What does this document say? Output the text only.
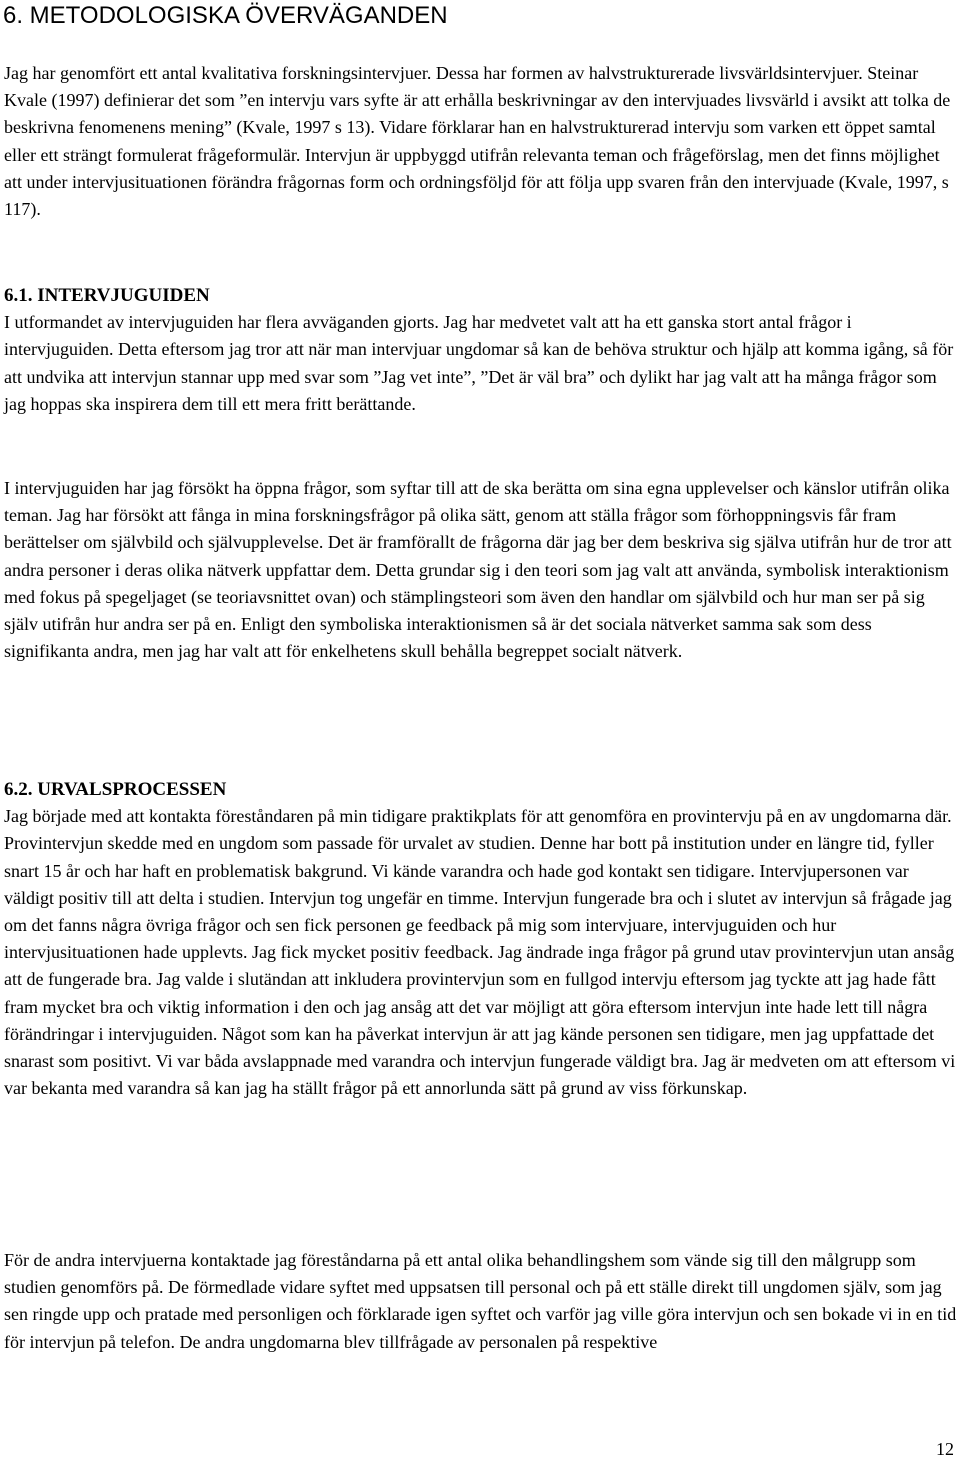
6. METODOLOGISKA ÖVERVÄGANDEN

Jag har genomfört ett antal kvalitativa forskningsintervjuer. Dessa har formen av halvstrukturerade livsvärldsintervjuer. Steinar Kvale (1997) definierar det som ”en intervju vars syfte är att erhålla beskrivningar av den intervjuades livsvärld i avsikt att tolka de beskrivna fenomenens mening” (Kvale, 1997 s 13). Vidare förklarar han en halvstrukturerad intervju som varken ett öppet samtal eller ett strängt formulerat frågeformulär. Intervjun är uppbyggd utifrån relevanta teman och frågeförslag, men det finns möjlighet att under intervjusituationen förändra frågornas form och ordningsföljd för att följa upp svaren från den intervjuade (Kvale, 1997, s 117).

6.1. INTERVJUGUIDEN
I utformandet av intervjuguiden har flera avväganden gjorts. Jag har medvetet valt att ha ett ganska stort antal frågor i intervjuguiden. Detta eftersom jag tror att när man intervjuar ungdomar så kan de behöva struktur och hjälp att komma igång, så för att undvika att intervjun stannar upp med svar som ”Jag vet inte”, ”Det är väl bra” och dylikt har jag valt att ha många frågor som jag hoppas ska inspirera dem till ett mera fritt berättande.

I intervjuguiden har jag försökt ha öppna frågor, som syftar till att de ska berätta om sina egna upplevelser och känslor utifrån olika teman. Jag har försökt att fånga in mina forskningsfrågor på olika sätt, genom att ställa frågor som förhoppningsvis får fram berättelser om självbild och självupplevelse. Det är framförallt de frågorna där jag ber dem beskriva sig själva utifrån hur de tror att andra personer i deras olika nätverk uppfattar dem. Detta grundar sig i den teori som jag valt att använda, symbolisk interaktionism med fokus på spegeljaget (se teoriavsnittet ovan) och stämplingsteori som även den handlar om självbild och hur man ser på sig själv utifrån hur andra ser på en. Enligt den symboliska interaktionismen så är det sociala nätverket samma sak som dess signifikanta andra, men jag har valt att för enkelhetens skull behålla begreppet socialt nätverk.

6.2. URVALSPROCESSEN
Jag började med att kontakta föreståndaren på min tidigare praktikplats för att genomföra en provintervju på en av ungdomarna där. Provintervjun skedde med en ungdom som passade för urvalet av studien. Denne har bott på institution under en längre tid, fyller snart 15 år och har haft en problematisk bakgrund. Vi kände varandra och hade god kontakt sen tidigare. Intervjupersonen var väldigt positiv till att delta i studien. Intervjun tog ungefär en timme. Intervjun fungerade bra och i slutet av intervjun så frågade jag om det fanns några övriga frågor och sen fick personen ge feedback på mig som intervjuare, intervjuguiden och hur intervjusituationen hade upplevts. Jag fick mycket positiv feedback. Jag ändrade inga frågor på grund utav provintervjun utan ansåg att de fungerade bra. Jag valde i slutändan att inkludera provintervjun som en fullgod intervju eftersom jag tyckte att jag hade fått fram mycket bra och viktig information i den och jag ansåg att det var möjligt att göra eftersom intervjun inte hade lett till några förändringar i intervjuguiden. Något som kan ha påverkat intervjun är att jag kände personen sen tidigare, men jag uppfattade det snarast som positivt. Vi var båda avslappnade med varandra och intervjun fungerade väldigt bra. Jag är medveten om att eftersom vi var bekanta med varandra så kan jag ha ställt frågor på ett annorlunda sätt på grund av viss förkunskap.

För de andra intervjuerna kontaktade jag föreståndarna på ett antal olika behandlingshem som vände sig till den målgrupp som studien genomförs på. De förmedlade vidare syftet med uppsatsen till personal och på ett ställe direkt till ungdomen själv, som jag sen ringde upp och pratade med personligen och förklarade igen syftet och varför jag ville göra intervjun och sen bokade vi in en tid för intervjun på telefon. De andra ungdomarna blev tillfrågade av personalen på respektive

12
